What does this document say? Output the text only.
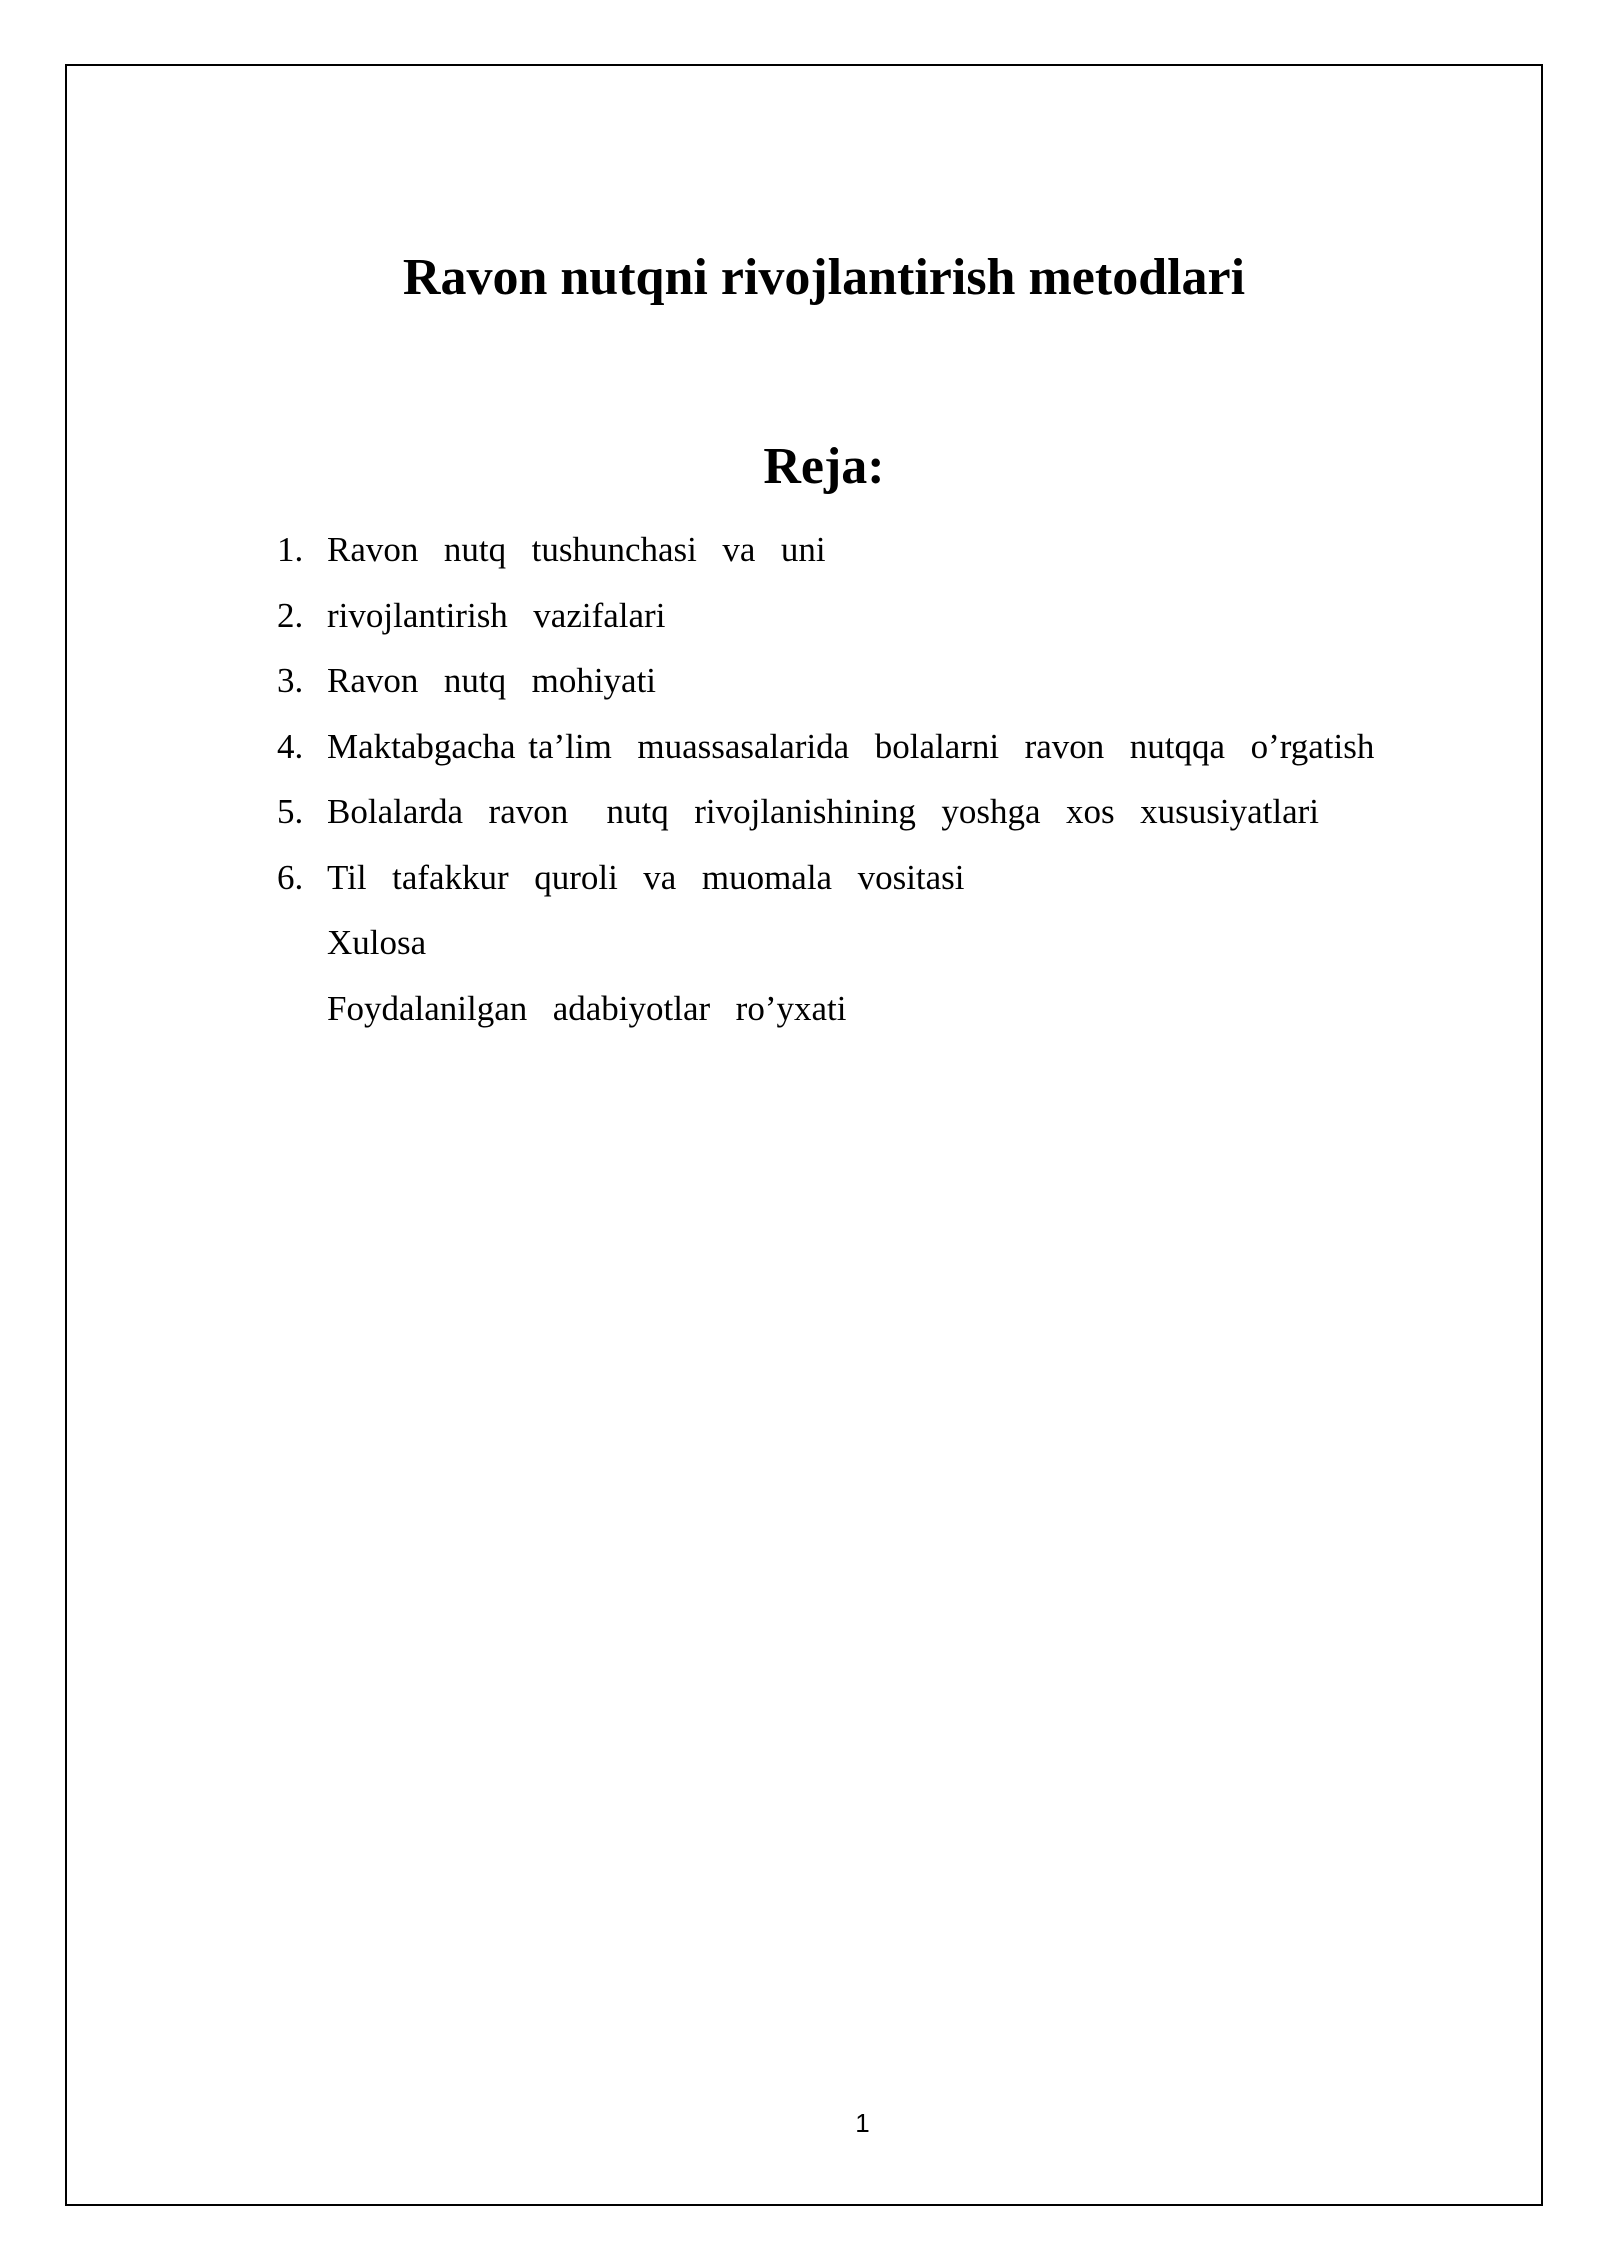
Ravon nutqni rivojlantirish metodlari
Reja:

1.

Ravon  nutq  tushunchasi  va  uni

2.

rivojlantirish  vazifalari

3.

Ravon  nutq  mohiyati

4.

Maktabgacha ta’lim  muassasalarida  bolalarni  ravon  nutqqa  o’rgatish

5.

Bolalarda  ravon   nutq  rivojlanishining  yoshga  xos  xususiyatlari

6.

Til  tafakkur  quroli  va  muomala  vositasi

Xulosa

Foydalanilgan  adabiyotlar  ro’yxati

1
